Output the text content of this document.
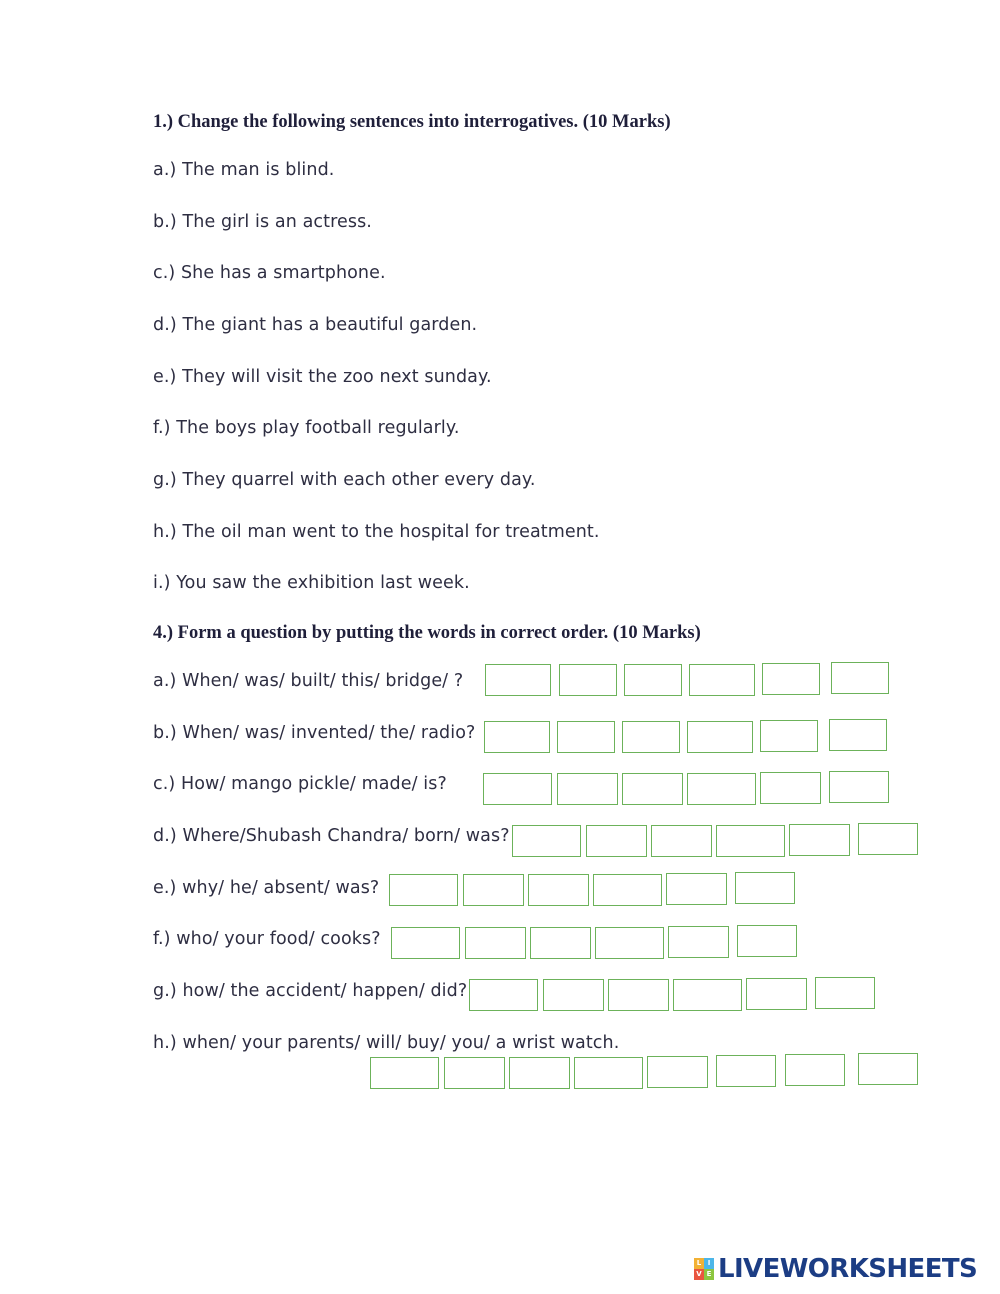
1.) Change the following sentences into interrogatives. (10 Marks)
a.) The man is blind.
b.) The girl is an actress.
c.) She has a smartphone.
d.) The giant has a beautiful garden.
e.) They will visit the zoo next sunday.
f.) The boys play football regularly.
g.) They quarrel with each other every day.
h.) The oil man went to the hospital for treatment.
i.) You saw the exhibition last week.
4.) Form a question by putting the words in correct order. (10 Marks)
a.) When/ was/ built/ this/ bridge/ ?
b.) When/ was/ invented/ the/ radio?
c.) How/ mango pickle/ made/ is?
d.) Where/Shubash Chandra/ born/ was?
e.) why/ he/ absent/ was?
f.) who/ your food/ cooks?
g.) how/ the accident/ happen/ did?
h.) when/ your parents/ will/ buy/ you/ a wrist watch.
L I
V E LIVEWORKSHEETS
